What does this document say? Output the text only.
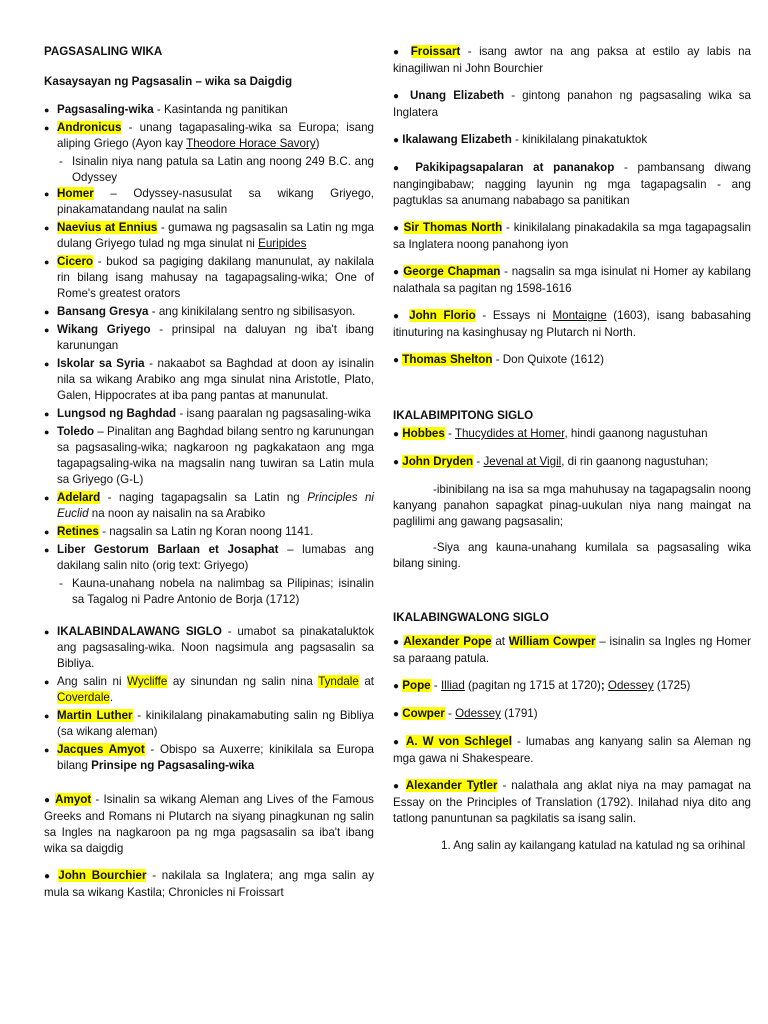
PAGSASALING WIKA
Kasaysayan ng Pagsasalin – wika sa Daigdig
● Pagsasaling-wika - Kasintanda ng panitikan
● Andronicus - unang tagapasaling-wika sa Europa; isang aliping Griego (Ayon kay Theodore Horace Savory)
- Isinalin niya nang patula sa Latin ang noong 249 B.C. ang Odyssey
● Homer – Odyssey-nasusulat sa wikang Griyego, pinakamatandang naulat na salin
● Naevius at Ennius - gumawa ng pagsasalin sa Latin ng mga dulang Griyego tulad ng mga sinulat ni Euripides
● Cicero - bukod sa pagiging dakilang manunulat, ay nakilala rin bilang isang mahusay na tagapagsaling-wika; One of Rome's greatest orators
● Bansang Gresya - ang kinikilalang sentro ng sibilisasyon.
● Wikang Griyego - prinsipal na daluyan ng iba't ibang karunungan
● Iskolar sa Syria - nakaabot sa Baghdad at doon ay isinalin nila sa wikang Arabiko ang mga sinulat nina Aristotle, Plato, Galen, Hippocrates at iba pang pantas at manunulat.
● Lungsod ng Baghdad - isang paaralan ng pagsasaling-wika
● Toledo – Pinalitan ang Baghdad bilang sentro ng karunungan sa pagsasaling-wika; nagkaroon ng pagkakataon ang mga tagapagsaling-wika na magsalin nang tuwiran sa Latin mula sa Griyego (G-L)
● Adelard - naging tagapagsalin sa Latin ng Principles ni Euclid na noon ay naisalin na sa Arabiko
● Retines - nagsalin sa Latin ng Koran noong 1141.
● Liber Gestorum Barlaan et Josaphat – lumabas ang dakilang salin nito (orig text: Griyego)
- Kauna-unahang nobela na nalimbag sa Pilipinas; isinalin sa Tagalog ni Padre Antonio de Borja (1712)
● IKALABINDALAWANG SIGLO - umabot sa pinakataluktok ang pagsasaling-wika. Noon nagsimula ang pagsasalin sa Bibliya.
● Ang salin ni Wycliffe ay sinundan ng salin nina Tyndale at Coverdale.
● Martin Luther - kinikilalang pinakamabuting salin ng Bibliya (sa wikang aleman)
● Jacques Amyot - Obispo sa Auxerre; kinikilala sa Europa bilang Prinsipe ng Pagsasaling-wika
● Amyot - Isinalin sa wikang Aleman ang Lives of the Famous Greeks and Romans ni Plutarch na siyang pinagkunan ng salin sa Ingles na nagkaroon pa ng mga pagsasalin sa iba't ibang wika sa daigdig
● John Bourchier - nakilala sa Inglatera; ang mga salin ay mula sa wikang Kastila; Chronicles ni Froissart
● Froissart - isang awtor na ang paksa at estilo ay labis na kinagiliwan ni John Bourchier
● Unang Elizabeth - gintong panahon ng pagsasaling wika sa Inglatera
● Ikalawang Elizabeth - kinikilalang pinakatuktok
● Pakikipagsapalaran at pananakop - pambansang diwang nangingibabaw; nagging layunin ng mga tagapagsalin - ang pagtuklas sa anumang nababago sa panitikan
● Sir Thomas North - kinikilalang pinakadakila sa mga tagapagsalin sa Inglatera noong panahong iyon
● George Chapman - nagsalin sa mga isinulat ni Homer ay kabilang nalathala sa pagitan ng 1598-1616
● John Florio - Essays ni Montaigne (1603), isang babasahing itinuturing na kasinghusay ng Plutarch ni North.
● Thomas Shelton - Don Quixote (1612)
IKALABIMPITONG SIGLO
● Hobbes - Thucydides at Homer, hindi gaanong nagustuhan
● John Dryden - Jevenal at Vigil, di rin gaanong nagustuhan;
-ibinibilang na isa sa mga mahuhusay na tagapagsalin noong kanyang panahon sapagkat pinag-uukulan niya nang maingat na paglilimi ang gawang pagsasalin;
-Siya ang kauna-unahang kumilala sa pagsasaling wika bilang sining.
IKALABINGWALONG SIGLO
● Alexander Pope at William Cowper – isinalin sa Ingles ng Homer sa paraang patula.
● Pope - Illiad (pagitan ng 1715 at 1720); Odessey (1725)
● Cowper - Odessey (1791)
● A. W von Schlegel - lumabas ang kanyang salin sa Aleman ng mga gawa ni Shakespeare.
● Alexander Tytler - nalathala ang aklat niya na may pamagat na Essay on the Principles of Translation (1792). Inilahad niya dito ang tatlong panuntunan sa pagkilatis sa isang salin.
1. Ang salin ay kailangang katulad na katulad ng sa orihinal
